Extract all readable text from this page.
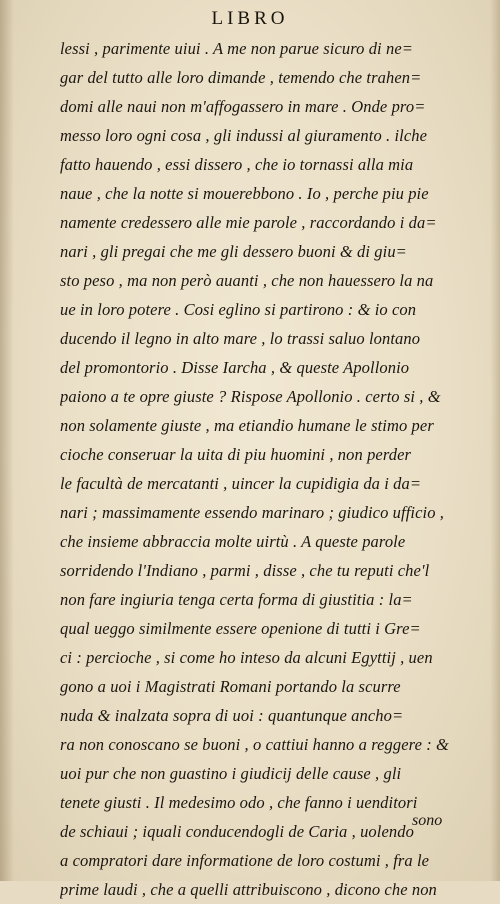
LIBRO
lessi , parimente uiui . A me non parue sicuro di ne=
gar del tutto alle loro dimande , temendo che trahen=
domi alle naui non m'affogassero in mare . Onde pro=
messo loro ogni cosa , gli indussi al giuramento . ilche
fatto hauendo , essi dissero , che io tornassi alla mia
naue , che la notte si mouerebbono . Io , perche piu pie
namente credessero alle mie parole , raccordando i da=
nari , gli pregai che me gli dessero buoni & di giu=
sto peso , ma non però auanti , che non hauessero la na
ue in loro potere . Cosi eglino si partirono : & io con
ducendo il legno in alto mare , lo trassi saluo lontano
del promontorio . Disse Iarcha , & queste Apollonio
paiono a te opre giuste ? Rispose Apollonio . certo si , &
non solamente giuste , ma etiandio humane le stimo per
cioche conseruar la uita di piu huomini , non perder
le facultà de mercatanti , uincer la cupidigia da i da=
nari ; massimamente essendo marinaro ; giudico ufficio ,
che insieme abbraccia molte uirtù . A queste parole
sorridendo l'Indiano , parmi , disse , che tu reputi che'l
non fare ingiuria tenga certa forma di giustitia : la=
qual ueggo similmente essere openione di tutti i Gre=
ci : percioche , si come ho inteso da alcuni Egyttij , uen
gono a uoi i Magistrati Romani portando la scurre
nuda & inalzata sopra di uoi : quantunque ancho=
ra non conoscano se buoni , o cattiui hanno a reggere : &
uoi pur che non guastino i giudicij delle cause , gli
tenete giusti . Il medesimo odo , che fanno i uenditori
de schiaui ; iquali conducendogli de Caria , uolendo
a compratori dare informatione de loro costumi , fra le
prime laudi , che a quelli attribuiscono , dicono che non
sono
